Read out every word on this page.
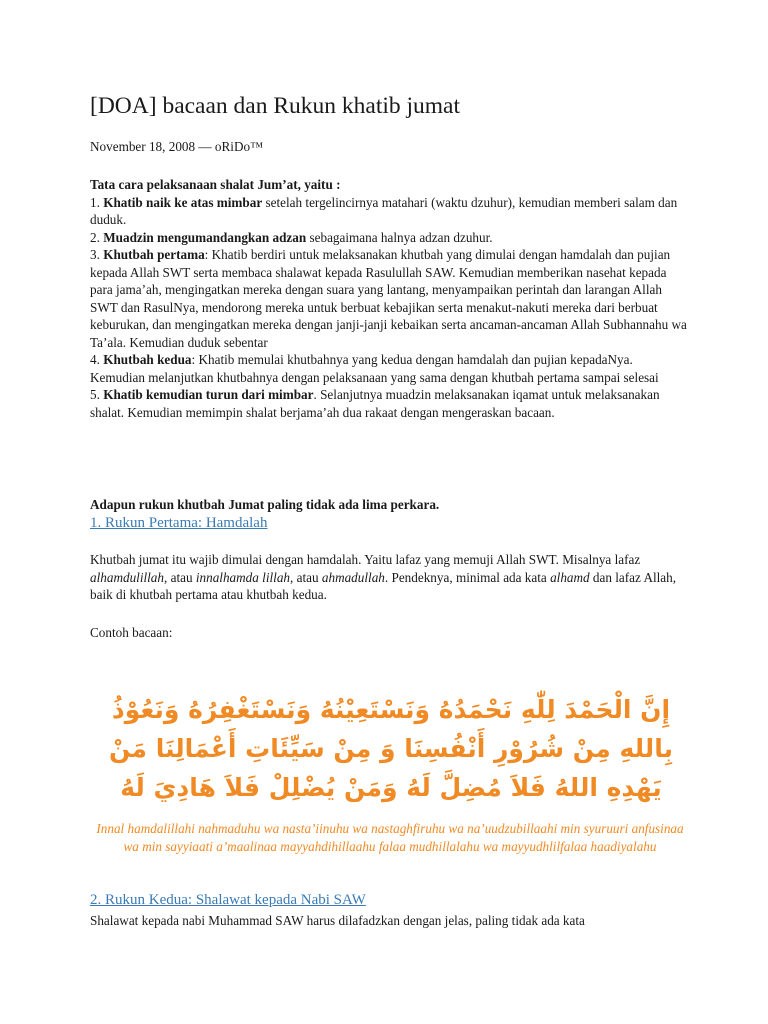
[DOA] bacaan dan Rukun khatib jumat
November 18, 2008 — oRiDo™

Tata cara pelaksanaan shalat Jum’at, yaitu :

1. Khatib naik ke atas mimbar setelah tergelincirnya matahari (waktu dzuhur), kemudian memberi salam dan duduk.

2. Muadzin mengumandangkan adzan sebagaimana halnya adzan dzuhur.

3. Khutbah pertama: Khatib berdiri untuk melaksanakan khutbah yang dimulai dengan hamdalah dan pujian kepada Allah SWT serta membaca shalawat kepada Rasulullah SAW. Kemudian memberikan nasehat kepada para jama’ah, mengingatkan mereka dengan suara yang lantang, menyampaikan perintah dan larangan Allah SWT dan RasulNya, mendorong mereka untuk berbuat kebajikan serta menakut-nakuti mereka dari berbuat keburukan, dan mengingatkan mereka dengan janji-janji kebaikan serta ancaman-ancaman Allah Subhannahu wa Ta’ala. Kemudian duduk sebentar

4. Khutbah kedua: Khatib memulai khutbahnya yang kedua dengan hamdalah dan pujian kepadaNya. Kemudian melanjutkan khutbahnya dengan pelaksanaan yang sama dengan khutbah pertama sampai selesai

5. Khatib kemudian turun dari mimbar. Selanjutnya muadzin melaksanakan iqamat untuk melaksanakan shalat. Kemudian memimpin shalat berjama’ah dua rakaat dengan mengeraskan bacaan.

Adapun rukun khutbah Jumat paling tidak ada lima perkara.
1. Rukun Pertama: Hamdalah

Khutbah jumat itu wajib dimulai dengan hamdalah. Yaitu lafaz yang memuji Allah SWT. Misalnya lafaz alhamdulillah, atau innalhamda lillah, atau ahmadullah. Pendeknya, minimal ada kata alhamd dan lafaz Allah, baik di khutbah pertama atau khutbah kedua.

Contoh bacaan:
إِنَّ الْحَمْدَ لِلّٰهِ نَحْمَدُهُ وَنَسْتَعِيْنُهُ وَنَسْتَغْفِرُهُ وَنَعُوْذُ بِاللهِ مِنْ شُرُوْرِ أَنْفُسِنَا وَ مِنْ سَيِّئَاتِ أَعْمَالِنَا مَنْ يَهْدِهِ اللهُ فَلاَ مُضِلَّ لَهُ وَمَنْ يُضْلِلْ فَلاَ هَادِيَ لَهُ
Innal hamdalillahi nahmaduhu wa nasta’iinuhu wa nastaghfiruhu wa na’uudzubillaahi min syuruuri anfusinaa wa min sayyiaati a’maalinaa mayyahdihillaahu falaa mudhillalahu wa mayyudhlilfalaa haadiyalahu
2. Rukun Kedua: Shalawat kepada Nabi SAW
Shalawat kepada nabi Muhammad SAW harus dilafadzkan dengan jelas, paling tidak ada kata
